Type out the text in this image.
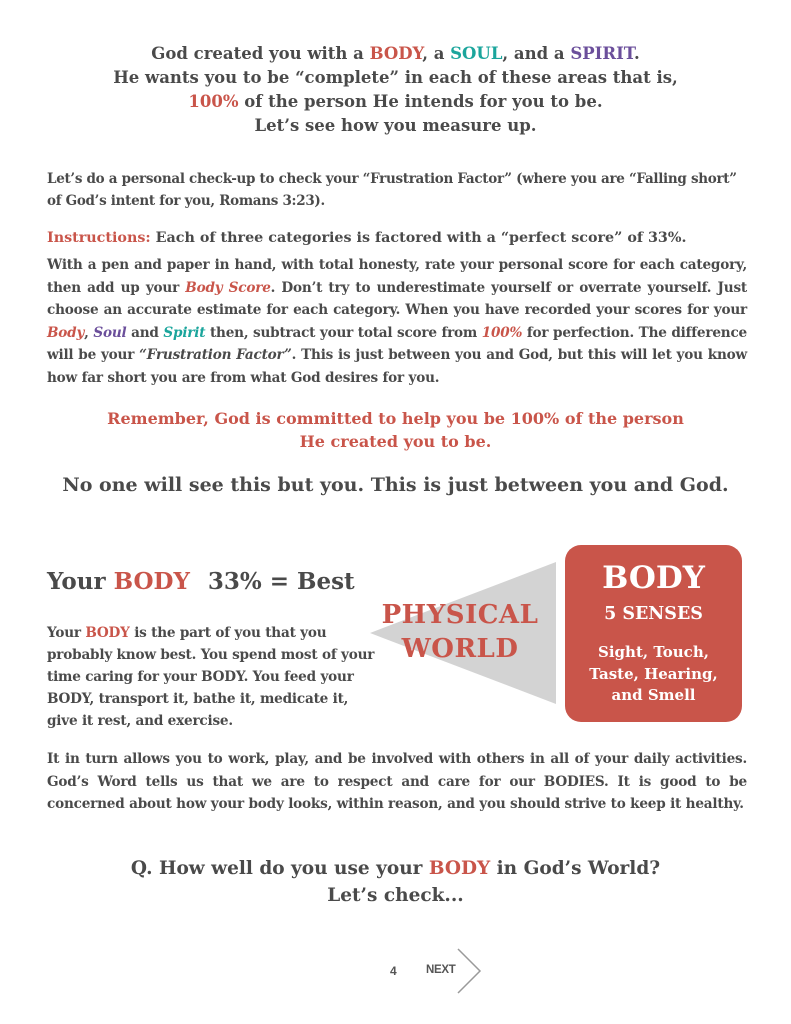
God created you with a BODY, a SOUL, and a SPIRIT.
He wants you to be “complete” in each of these areas that is,
100% of the person He intends for you to be.
Let’s see how you measure up.
Let’s do a personal check-up to check your “Frustration Factor” (where you are “Falling short” of God’s intent for you, Romans 3:23).
Instructions: Each of three categories is factored with a “perfect score” of 33%.
With a pen and paper in hand, with total honesty, rate your personal score for each category, then add up your Body Score. Don’t try to underestimate yourself or overrate yourself. Just choose an accurate estimate for each category. When you have recorded your scores for your Body, Soul and Spirit then, subtract your total score from 100% for perfection. The difference will be your “Frustration Factor”. This is just between you and God, but this will let you know how far short you are from what God desires for you.
Remember, God is committed to help you be 100% of the person
He created you to be.
No one will see this but you. This is just between you and God.
Your BODY 33% = Best
Your BODY is the part of you that you probably know best. You spend most of your time caring for your BODY. You feed your BODY, transport it, bathe it, medicate it, give it rest, and exercise.
PHYSICAL
WORLD
BODY
5 SENSES
Sight, Touch,
Taste, Hearing,
and Smell
It in turn allows you to work, play, and be involved with others in all of your daily activities. God’s Word tells us that we are to respect and care for our BODIES. It is good to be concerned about how your body looks, within reason, and you should strive to keep it healthy.
Q. How well do you use your BODY in God’s World?
Let’s check...
4	NEXT
